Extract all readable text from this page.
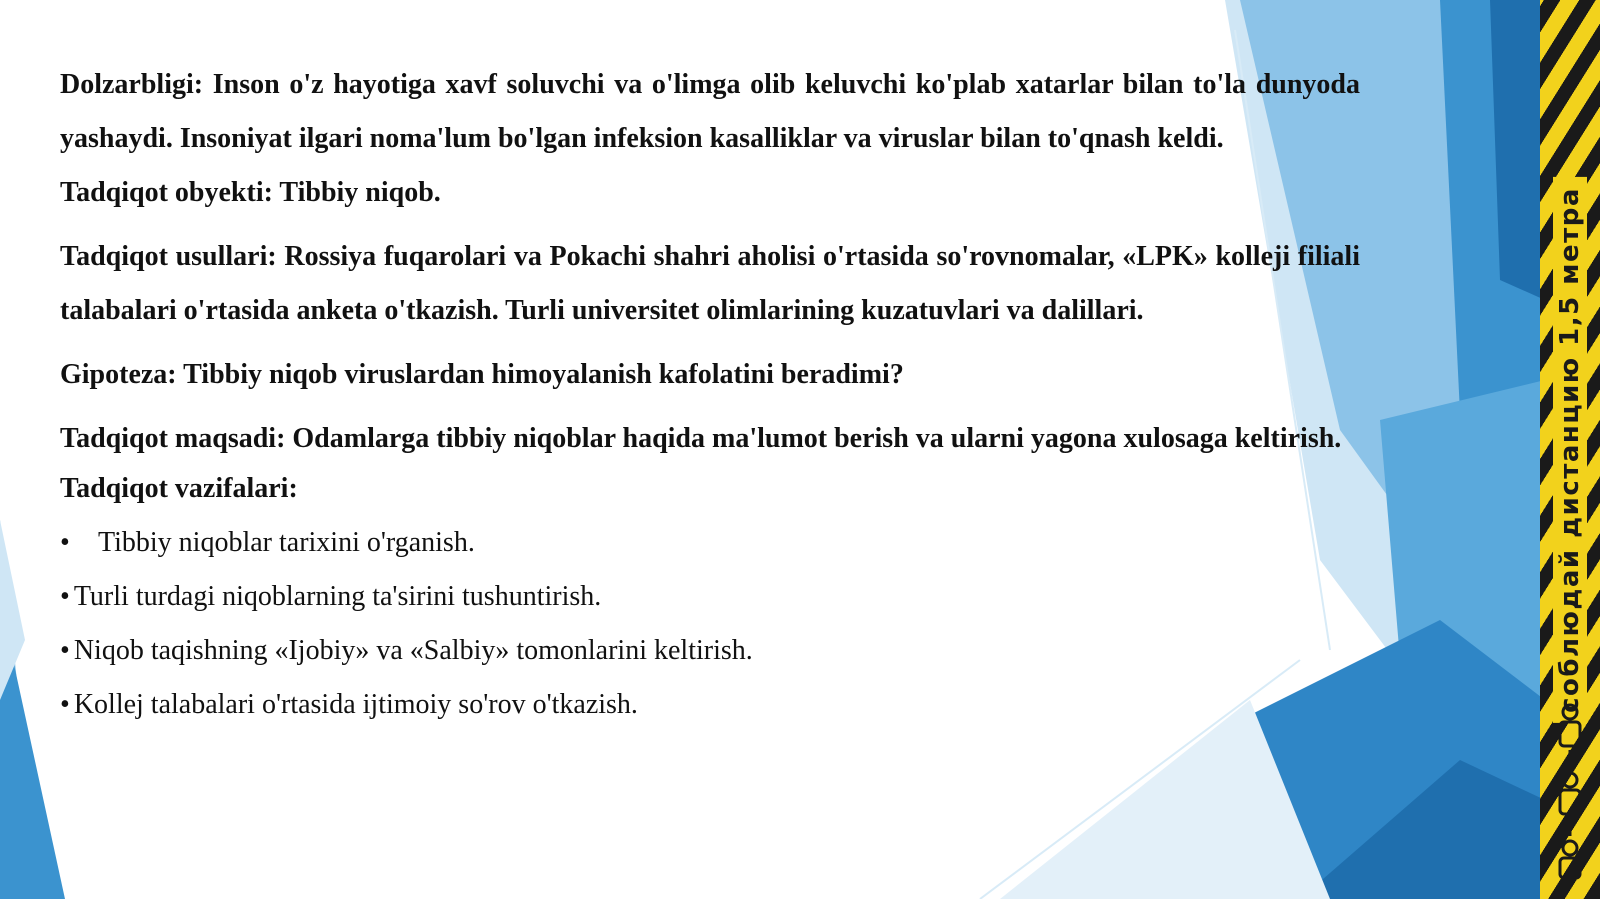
Dolzarbligi: Inson o'z hayotiga xavf soluvchi va o'limga olib keluvchi ko'plab xatarlar bilan to'la dunyoda yashaydi. Insoniyat ilgari noma'lum bo'lgan infeksion kasalliklar va viruslar bilan to'qnash keldi.

Tadqiqot obyekti: Tibbiy niqob.

Tadqiqot usullari: Rossiya fuqarolari va Pokachi shahri aholisi o'rtasida so'rovnomalar, «LPK» kolleji filiali talabalari o'rtasida anketa o'tkazish. Turli universitet olimlarining kuzatuvlari va dalillari.

Gipoteza: Tibbiy niqob viruslardan himoyalanish kafolatini beradimi?

Tadqiqot maqsadi: Odamlarga tibbiy niqoblar haqida ma'lumot berish va ularni yagona xulosaga keltirish.

Tadqiqot vazifalari:

• Tibbiy niqoblar tarixini o'rganish.
• Turli turdagi niqoblarning ta'sirini tushuntirish.
• Niqob taqishning «Ijobiy» va «Salbiy» tomonlarini keltirish.
• Kollej talabalari o'rtasida ijtimoiy so'rov o'tkazish.	соблюдай дистанцию 1,5 метра
